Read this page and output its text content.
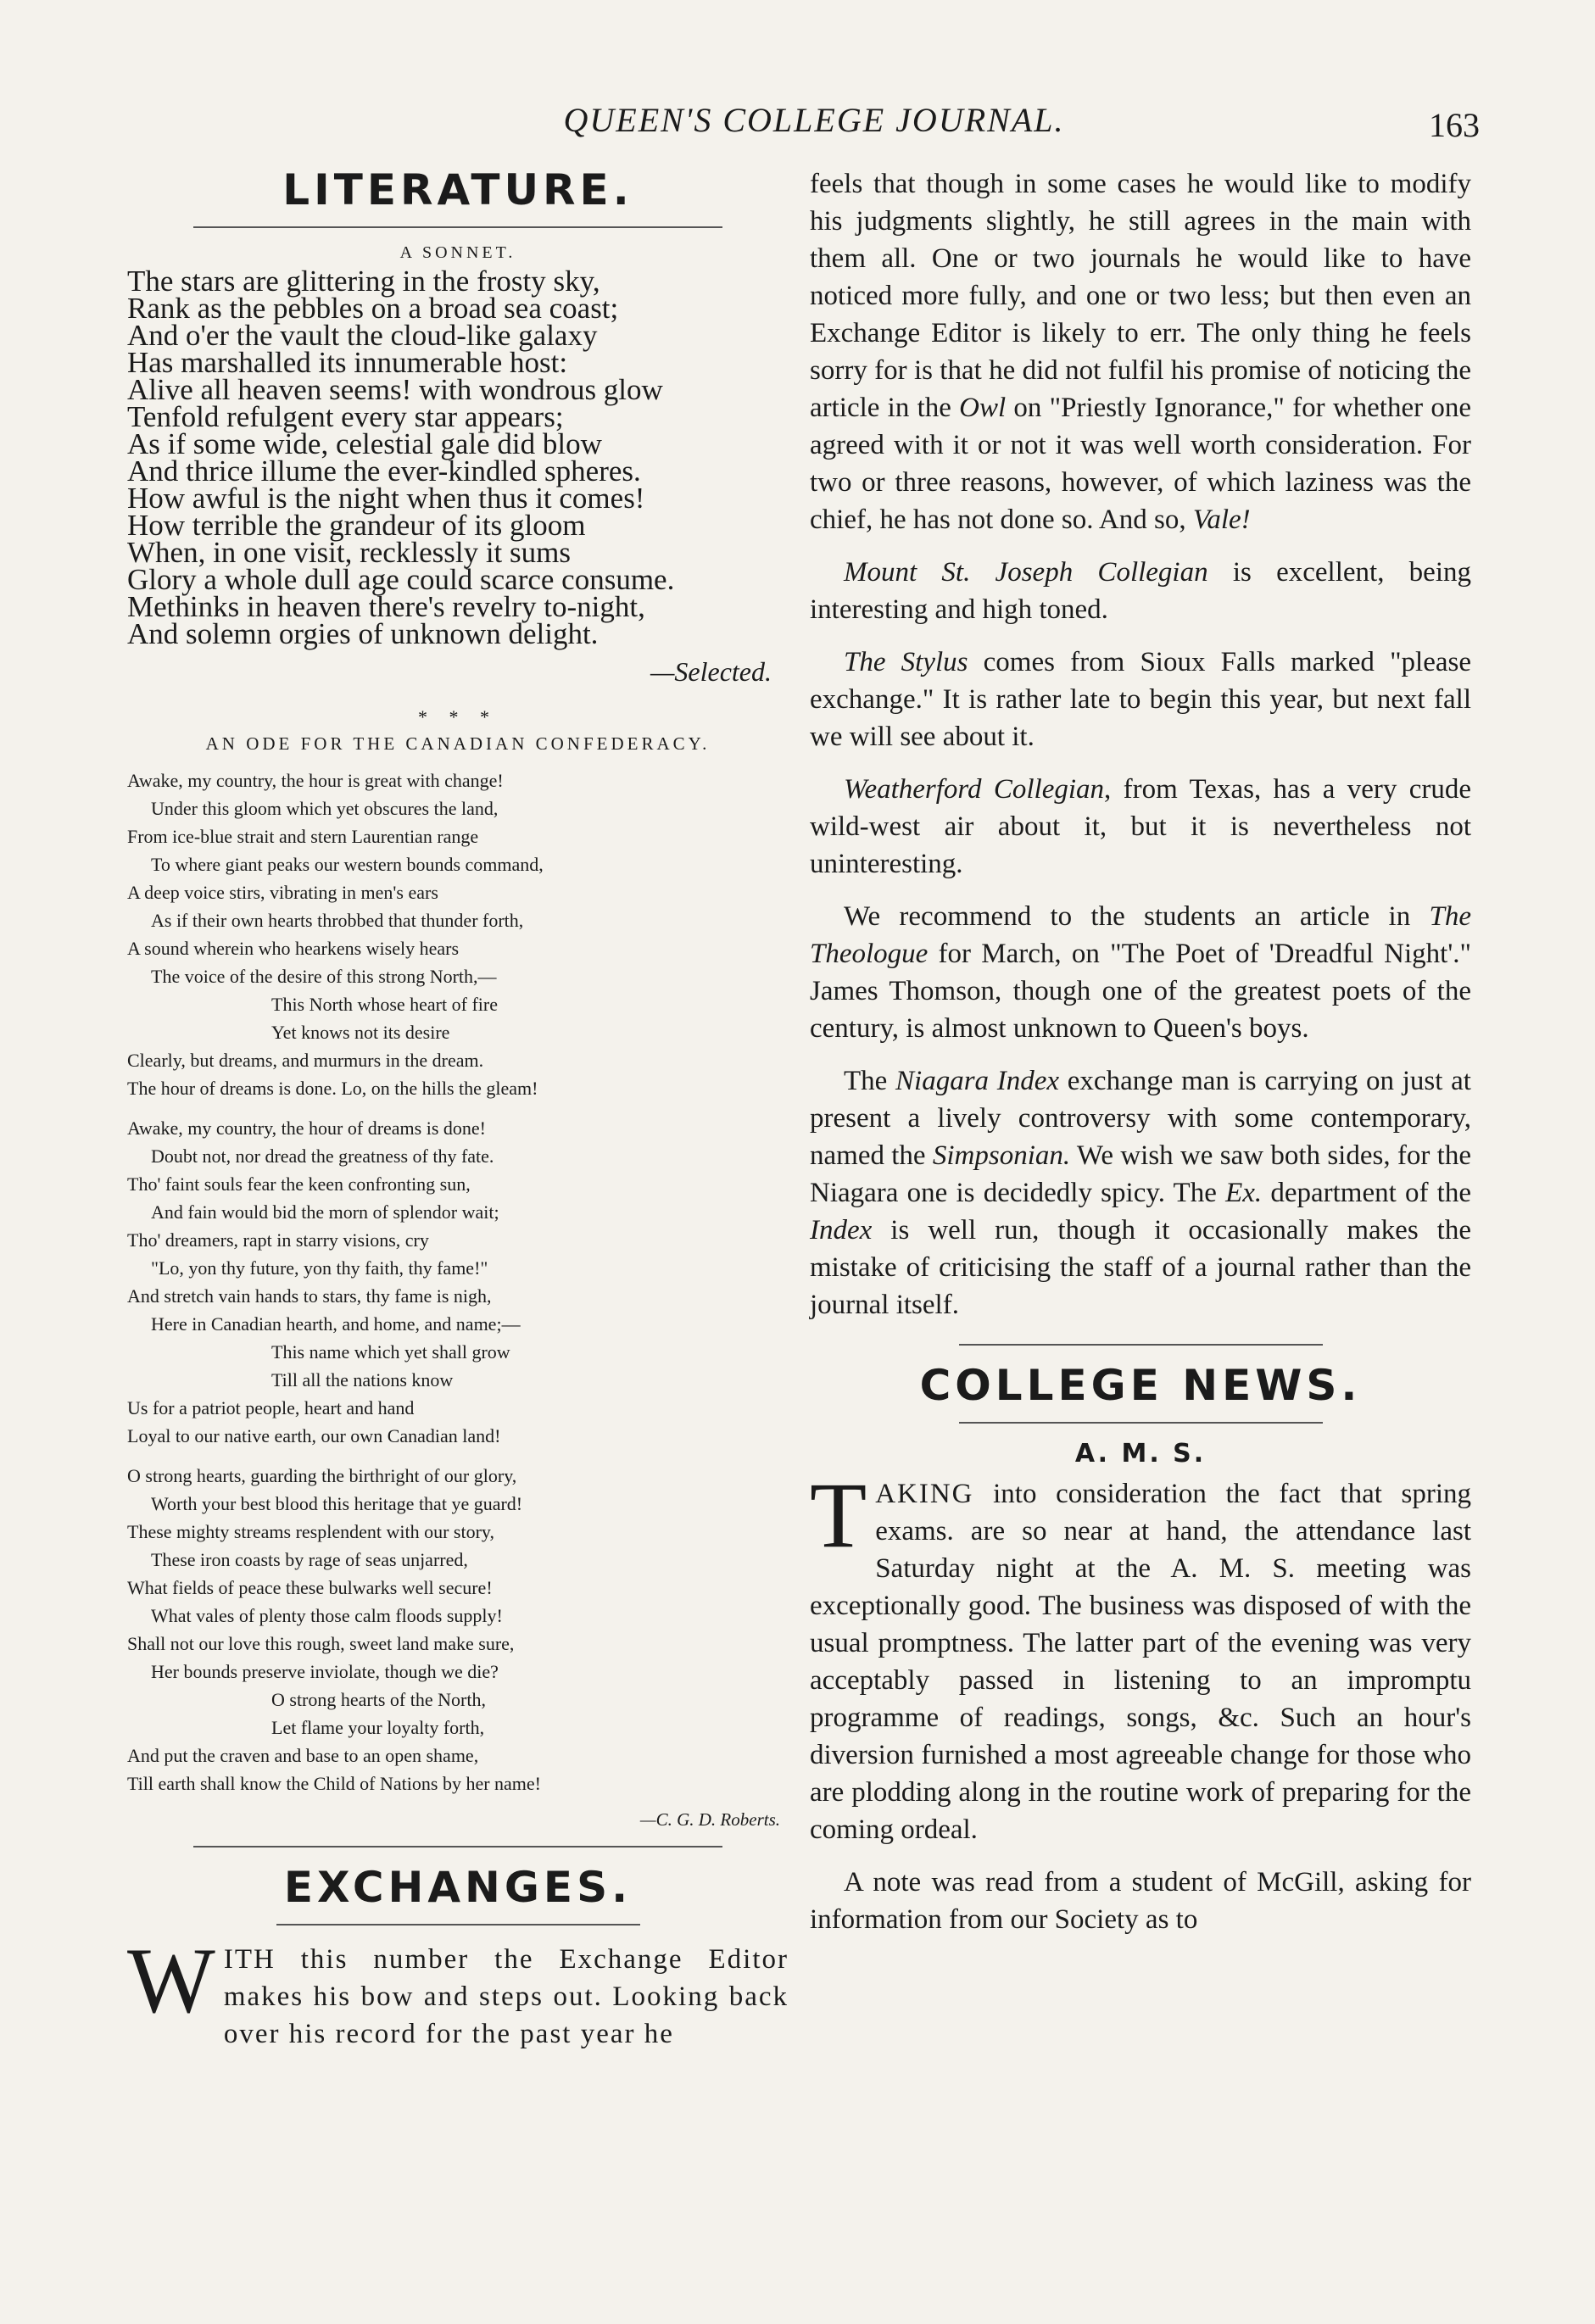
QUEEN'S COLLEGE JOURNAL.	163
LITERATURE.
A SONNET.

The stars are glittering in the frosty sky,

Rank as the pebbles on a broad sea coast;

And o'er the vault the cloud-like galaxy

Has marshalled its innumerable host:

Alive all heaven seems! with wondrous glow

Tenfold refulgent every star appears;

As if some wide, celestial gale did blow

And thrice illume the ever-kindled spheres.

How awful is the night when thus it comes!

How terrible the grandeur of its gloom

When, in one visit, recklessly it sums

Glory a whole dull age could scarce consume.

Methinks in heaven there's revelry to-night,

And solemn orgies of unknown delight.

—Selected.
* * *
AN ODE FOR THE CANADIAN CONFEDERACY.

Awake, my country, the hour is great with change!

Under this gloom which yet obscures the land,

From ice-blue strait and stern Laurentian range

To where giant peaks our western bounds command,

A deep voice stirs, vibrating in men's ears

As if their own hearts throbbed that thunder forth,

A sound wherein who hearkens wisely hears

The voice of the desire of this strong North,—

This North whose heart of fire

Yet knows not its desire

Clearly, but dreams, and murmurs in the dream.

The hour of dreams is done. Lo, on the hills the gleam!

Awake, my country, the hour of dreams is done!

Doubt not, nor dread the greatness of thy fate.

Tho' faint souls fear the keen confronting sun,

And fain would bid the morn of splendor wait;

Tho' dreamers, rapt in starry visions, cry

"Lo, yon thy future, yon thy faith, thy fame!"

And stretch vain hands to stars, thy fame is nigh,

Here in Canadian hearth, and home, and name;—

This name which yet shall grow

Till all the nations know

Us for a patriot people, heart and hand

Loyal to our native earth, our own Canadian land!

O strong hearts, guarding the birthright of our glory,

Worth your best blood this heritage that ye guard!

These mighty streams resplendent with our story,

These iron coasts by rage of seas unjarred,

What fields of peace these bulwarks well secure!

What vales of plenty those calm floods supply!

Shall not our love this rough, sweet land make sure,

Her bounds preserve inviolate, though we die?

O strong hearts of the North,

Let flame your loyalty forth,

And put the craven and base to an open shame,

Till earth shall know the Child of Nations by her name!

—C. G. D. Roberts.
EXCHANGES.

WITH this number the Exchange Editor makes his bow and steps out. Looking back over his record for the past year he

feels that though in some cases he would like to modify his judgments slightly, he still agrees in the main with them all. One or two journals he would like to have noticed more fully, and one or two less; but then even an Exchange Editor is likely to err. The only thing he feels sorry for is that he did not fulfil his promise of noticing the article in the Owl on "Priestly Ignorance," for whether one agreed with it or not it was well worth consideration. For two or three reasons, however, of which laziness was the chief, he has not done so. And so, Vale!

Mount St. Joseph Collegian is excellent, being interesting and high toned.

The Stylus comes from Sioux Falls marked "please exchange." It is rather late to begin this year, but next fall we will see about it.

Weatherford Collegian, from Texas, has a very crude wild-west air about it, but it is nevertheless not uninteresting.

We recommend to the students an article in The Theologue for March, on "The Poet of 'Dreadful Night'." James Thomson, though one of the greatest poets of the century, is almost unknown to Queen's boys.

The Niagara Index exchange man is carrying on just at present a lively controversy with some contemporary, named the Simpsonian. We wish we saw both sides, for the Niagara one is decidedly spicy. The Ex. department of the Index is well run, though it occasionally makes the mistake of criticising the staff of a journal rather than the journal itself.

COLLEGE NEWS.
A. M. S.

TAKING into consideration the fact that spring exams. are so near at hand, the attendance last Saturday night at the A. M. S. meeting was exceptionally good. The business was disposed of with the usual promptness. The latter part of the evening was very acceptably passed in listening to an impromptu programme of readings, songs, &c. Such an hour's diversion furnished a most agreeable change for those who are plodding along in the routine work of preparing for the coming ordeal.

A note was read from a student of McGill, asking for information from our Society as to
